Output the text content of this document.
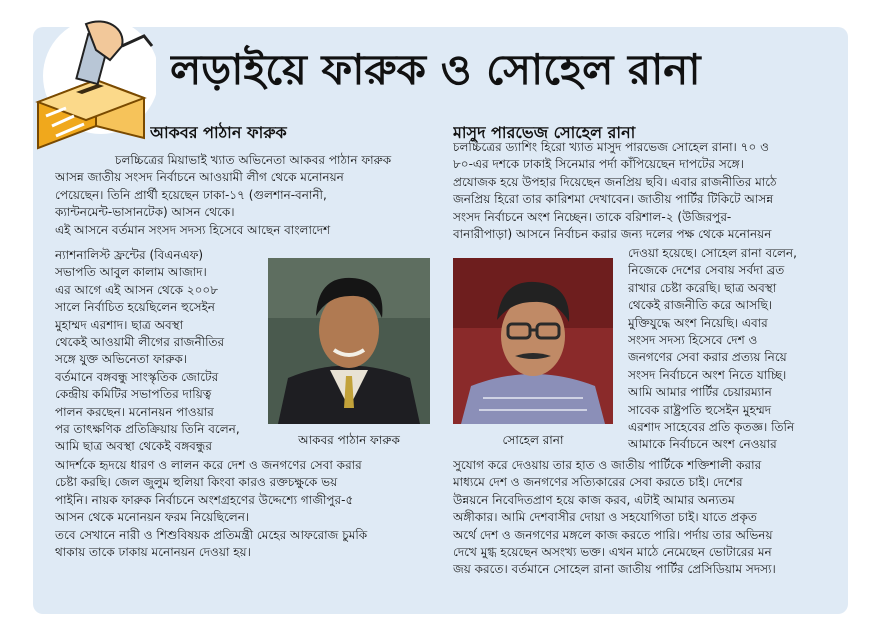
লড়াইয়ে ফারুক ও সোহেল রানা
আকবর পাঠান ফারুক	মাসুদ পারভেজ সোহেল রানা

চলচ্চিত্রের মিয়াভাই খ্যাত অভিনেতা আকবর পাঠান ফারুক

আসন্ন জাতীয় সংসদ নির্বাচনে আওয়ামী লীগ থেকে মনোনয়ন

পেয়েছেন। তিনি প্রার্থী হয়েছেন ঢাকা-১৭ (গুলশান-বনানী,

ক্যান্টনমেন্ট-ভাসানটেক) আসন থেকে।

এই আসনে বর্তমান সংসদ সদস্য হিসেবে আছেন বাংলাদেশ

ন্যাশনালিস্ট ফ্রন্টের (বিএনএফ)

সভাপতি আবুল কালাম আজাদ।

এর আগে এই আসন থেকে ২০০৮

সালে নির্বাচিত হয়েছিলেন হুসেইন

মুহাম্মদ এরশাদ। ছাত্র অবস্থা

থেকেই আওয়ামী লীগের রাজনীতির

সঙ্গে যুক্ত অভিনেতা ফারুক।

বর্তমানে বঙ্গবন্ধু সাংস্কৃতিক জোটের

কেন্দ্রীয় কমিটির সভাপতির দায়িত্ব

পালন করছেন। মনোনয়ন পাওয়ার

পর তাৎক্ষণিক প্রতিক্রিয়ায় তিনি বলেন,

আমি ছাত্র অবস্থা থেকেই বঙ্গবন্ধুর

আদর্শকে হৃদয়ে ধারণ ও লালন করে দেশ ও জনগণের সেবা করার

চেষ্টা করছি। জেল জুলুম হুলিয়া কিংবা কারও রক্তচক্ষুকে ভয়

পাইনি। নায়ক ফারুক নির্বাচনে অংশগ্রহণের উদ্দেশ্যে গাজীপুর-৫

আসন থেকে মনোনয়ন ফরম নিয়েছিলেন।

তবে সেখানে নারী ও শিশুবিষয়ক প্রতিমন্ত্রী মেহের আফরোজ চুমকি

থাকায় তাকে ঢাকায় মনোনয়ন দেওয়া হয়।

আকবর পাঠান ফারুক	সোহেল রানা

চলচ্চিত্রের ড্যাশিং হিরো খ্যাত মাসুদ পারভেজ সোহেল রানা। ৭০ ও

৮০-এর দশকে ঢাকাই সিনেমার পর্দা কাঁপিয়েছেন দাপটের সঙ্গে।

প্রযোজক হয়ে উপহার দিয়েছেন জনপ্রিয় ছবি। এবার রাজনীতির মাঠে

জনপ্রিয় হিরো তার কারিশমা দেখাবেন। জাতীয় পার্টির টিকিটে আসন্ন

সংসদ নির্বাচনে অংশ নিচ্ছেন। তাকে বরিশাল-২ (উজিরপুর-

বানারীপাড়া) আসনে নির্বাচন করার জন্য দলের পক্ষ থেকে মনোনয়ন

দেওয়া হয়েছে। সোহেল রানা বলেন,

নিজেকে দেশের সেবায় সর্বদা ব্রত

রাখার চেষ্টা করেছি। ছাত্র অবস্থা

থেকেই রাজনীতি করে আসছি।

মুক্তিযুদ্ধে অংশ নিয়েছি। এবার

সংসদ সদস্য হিসেবে দেশ ও

জনগণের সেবা করার প্রত্যয় নিয়ে

সংসদ নির্বাচনে অংশ নিতে যাচ্ছি।

আমি আমার পার্টির চেয়ারম্যান

সাবেক রাষ্ট্রপতি হুসেইন মুহম্মদ

এরশাদ সাহেবের প্রতি কৃতজ্ঞ। তিনি

আমাকে নির্বাচনে অংশ নেওয়ার

সুযোগ করে দেওয়ায় তার হাত ও জাতীয় পার্টিকে শক্তিশালী করার

মাধ্যমে দেশ ও জনগণের সত্যিকারের সেবা করতে চাই। দেশের

উন্নয়নে নিবেদিতপ্রাণ হয়ে কাজ করব, এটাই আমার অন্যতম

অঙ্গীকার। আমি দেশবাসীর দোয়া ও সহযোগিতা চাই। যাতে প্রকৃত

অর্থে দেশ ও জনগণের মঙ্গলে কাজ করতে পারি। পর্দায় তার অভিনয়

দেখে মুগ্ধ হয়েছেন অসংখ্য ভক্ত। এখন মাঠে নেমেছেন ভোটারের মন

জয় করতে। বর্তমানে সোহেল রানা জাতীয় পার্টির প্রেসিডিয়াম সদস্য।
